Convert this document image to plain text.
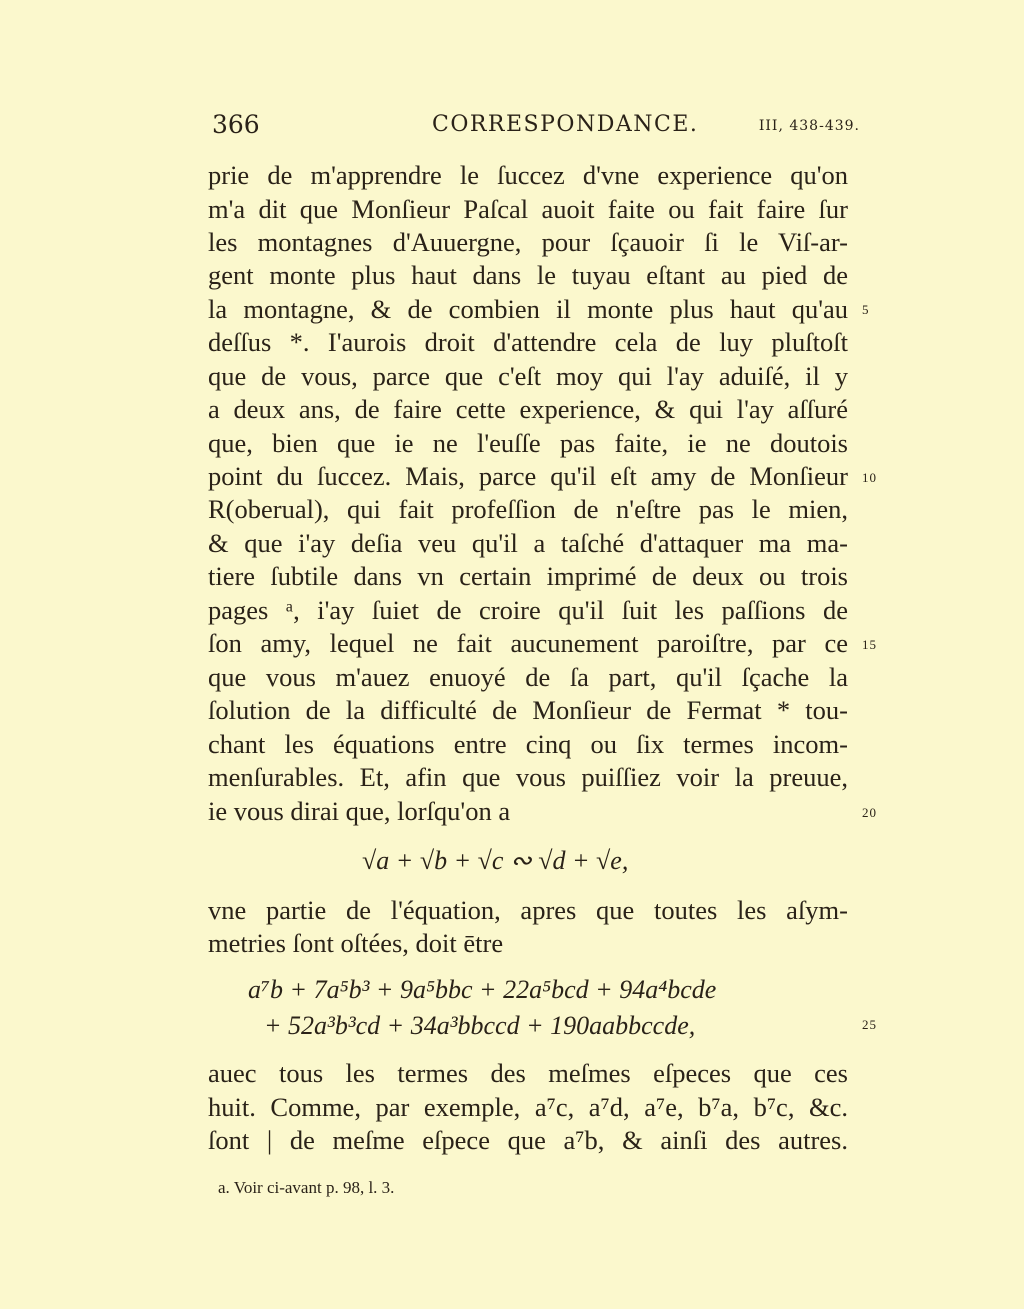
366	CORRESPONDANCE.	III, 438-439.
prie de m'apprendre le ſuccez d'vne experience qu'on
m'a dit que Monſieur Paſcal auoit faite ou fait faire ſur
les montagnes d'Auuergne, pour ſçauoir ſi le Viſ-ar-
gent monte plus haut dans le tuyau eſtant au pied de
la montagne, & de combien il monte plus haut qu'au
deſſus *. I'aurois droit d'attendre cela de luy pluſtoſt
que de vous, parce que c'eſt moy qui l'ay aduiſé, il y
a deux ans, de faire cette experience, & qui l'ay aſſuré
que, bien que ie ne l'euſſe pas faite, ie ne doutois
point du ſuccez. Mais, parce qu'il eſt amy de Monſieur
R(oberual), qui fait profeſſion de n'eſtre pas le mien,
& que i'ay deſia veu qu'il a taſché d'attaquer ma ma-
tiere ſubtile dans vn certain imprimé de deux ou trois
pages ᵃ, i'ay ſuiet de croire qu'il ſuit les paſſions de
ſon amy, lequel ne fait aucunement paroiſtre, par ce
que vous m'auez enuoyé de ſa part, qu'il ſçache la
ſolution de la difficulté de Monſieur de Fermat * tou-
chant les équations entre cinq ou ſix termes incom-
menſurables. Et, afin que vous puiſſiez voir la preuue,
ie vous dirai que, lorſqu'on a
√a + √b + √c ∾ √d + √e,
vne partie de l'équation, apres que toutes les aſym-
metries ſont oſtées, doit ētre
a⁷b + 7a⁵b³ + 9a⁵bbc + 22a⁵bcd + 94a⁴bcde
+ 52a³b³cd + 34a³bbccd + 190aabbccde,
auec tous les termes des meſmes eſpeces que ces
huit. Comme, par exemple, a⁷c, a⁷d, a⁷e, b⁷a, b⁷c, &c.
ſont | de meſme eſpece que a⁷b, & ainſi des autres.
5
10
15
20
25
a. Voir ci-avant p. 98, l. 3.
